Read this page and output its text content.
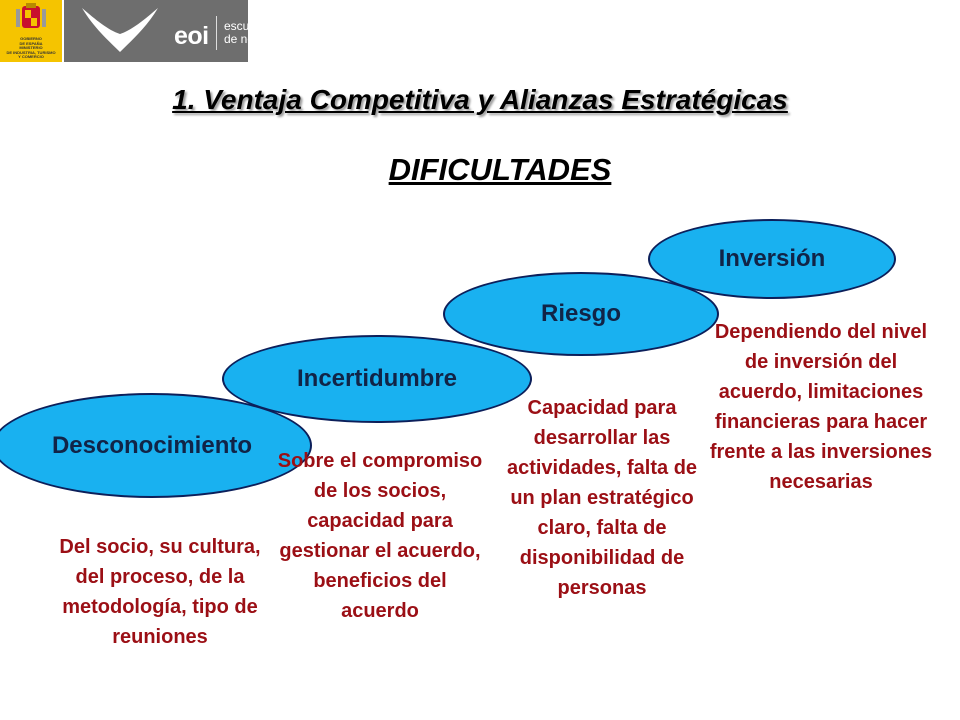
GOBIERNO
DE ESPAÑA
MINISTERIO
DE INDUSTRIA, TURISMO
Y COMERCIO
eoi escuela
de negocios
1. Ventaja Competitiva y Alianzas Estratégicas
DIFICULTADES
Desconocimiento
Incertidumbre
Riesgo
Inversión
Del socio, su cultura, del proceso, de la metodología, tipo de reuniones
Sobre el compromiso de los socios, capacidad para gestionar el acuerdo, beneficios del acuerdo
Capacidad para desarrollar las actividades, falta de un plan estratégico claro, falta de disponibilidad de personas
Dependiendo del nivel de inversión del acuerdo, limitaciones financieras para hacer frente a las inversiones necesarias
